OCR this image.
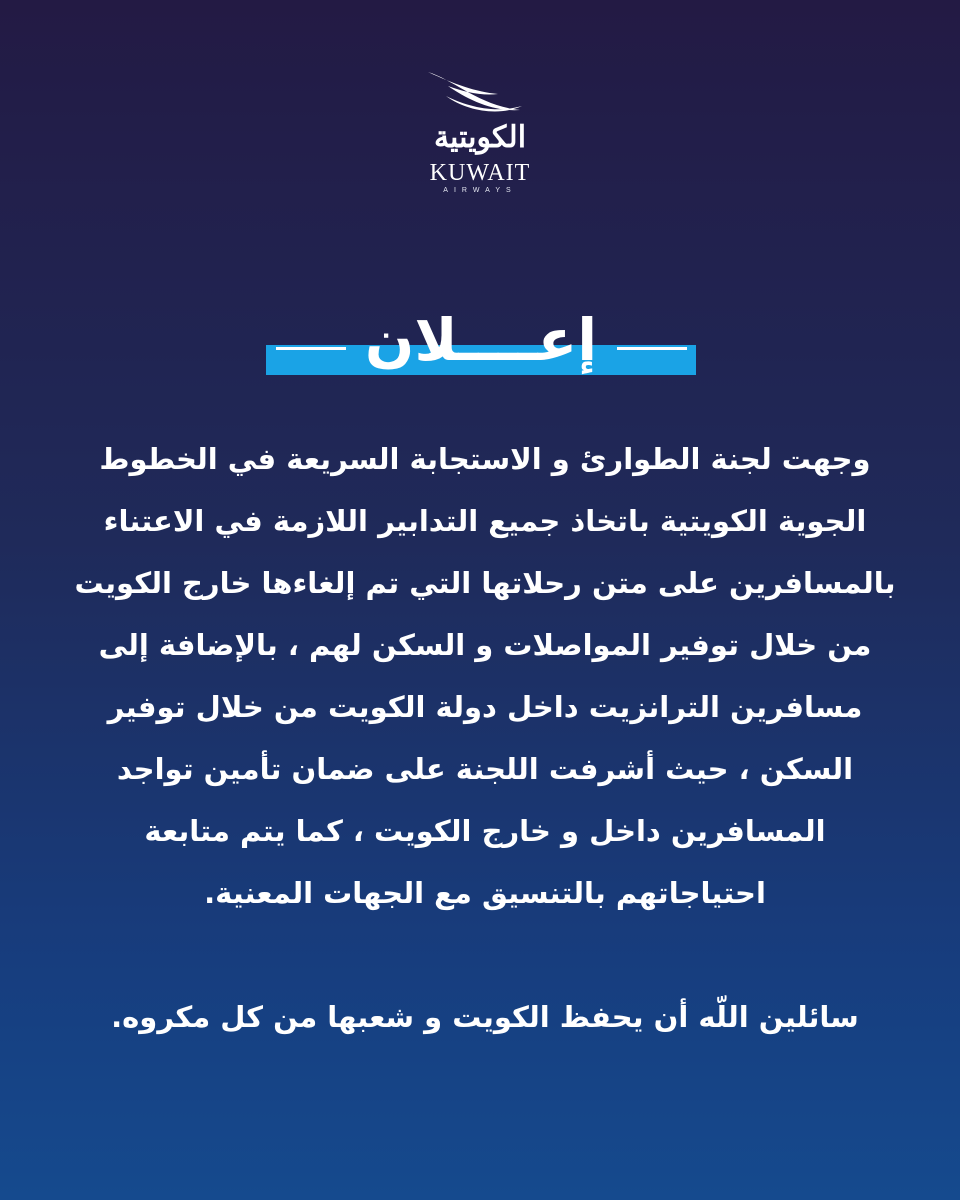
الكويتية
KUWAIT
AIRWAYS
إعــــلان

وجهت لجنة الطوارئ و الاستجابة السريعة في الخطوط الجوية الكويتية باتخاذ جميع التدابير اللازمة في الاعتناء بالمسافرين على متن رحلاتها التي تم إلغاءها خارج الكويت من خلال توفير المواصلات و السكن لهم ، بالإضافة إلى مسافرين الترانزيت داخل دولة الكويت من خلال توفير السكن ، حيث أشرفت اللجنة على ضمان تأمين تواجد المسافرين داخل و خارج الكويت ، كما يتم متابعة احتياجاتهم بالتنسيق مع الجهات المعنية.

سائلين اللّه أن يحفظ الكويت و شعبها من كل مكروه.
